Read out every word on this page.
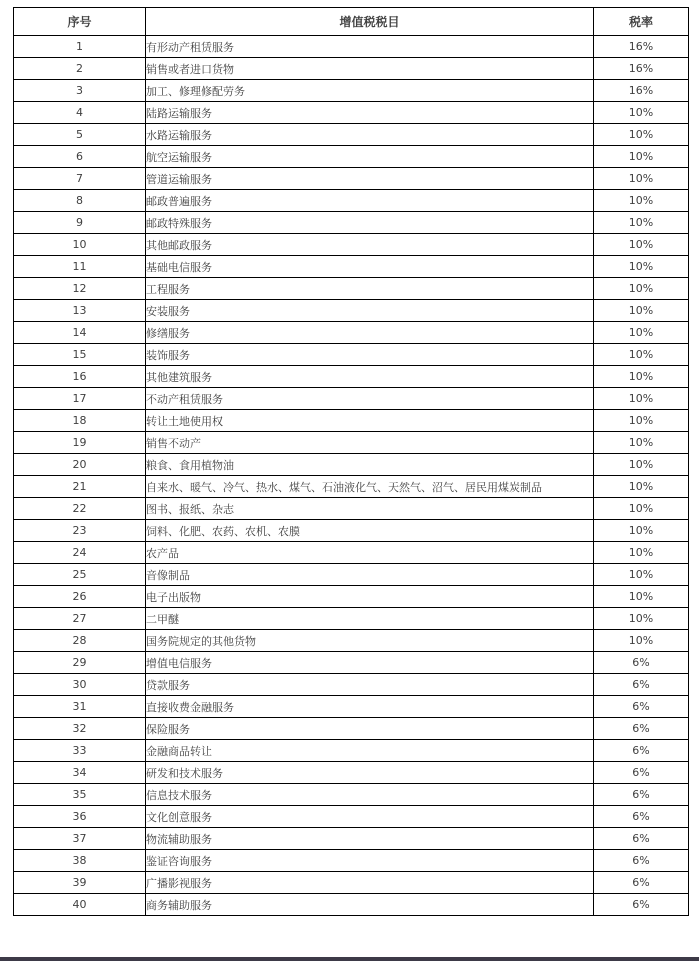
序号	增值税税目	税率
1	有形动产租赁服务	16%
2	销售或者进口货物	16%
3	加工、修理修配劳务	16%
4	陆路运输服务	10%
5	水路运输服务	10%
6	航空运输服务	10%
7	管道运输服务	10%
8	邮政普遍服务	10%
9	邮政特殊服务	10%
10	其他邮政服务	10%
11	基础电信服务	10%
12	工程服务	10%
13	安装服务	10%
14	修缮服务	10%
15	装饰服务	10%
16	其他建筑服务	10%
17	不动产租赁服务	10%
18	转让土地使用权	10%
19	销售不动产	10%
20	粮食、食用植物油	10%
21	自来水、暖气、冷气、热水、煤气、石油液化气、天然气、沼气、居民用煤炭制品	10%
22	图书、报纸、杂志	10%
23	饲料、化肥、农药、农机、农膜	10%
24	农产品	10%
25	音像制品	10%
26	电子出版物	10%
27	二甲醚	10%
28	国务院规定的其他货物	10%
29	增值电信服务	6%
30	贷款服务	6%
31	直接收费金融服务	6%
32	保险服务	6%
33	金融商品转让	6%
34	研发和技术服务	6%
35	信息技术服务	6%
36	文化创意服务	6%
37	物流辅助服务	6%
38	鉴证咨询服务	6%
39	广播影视服务	6%
40	商务辅助服务	6%
